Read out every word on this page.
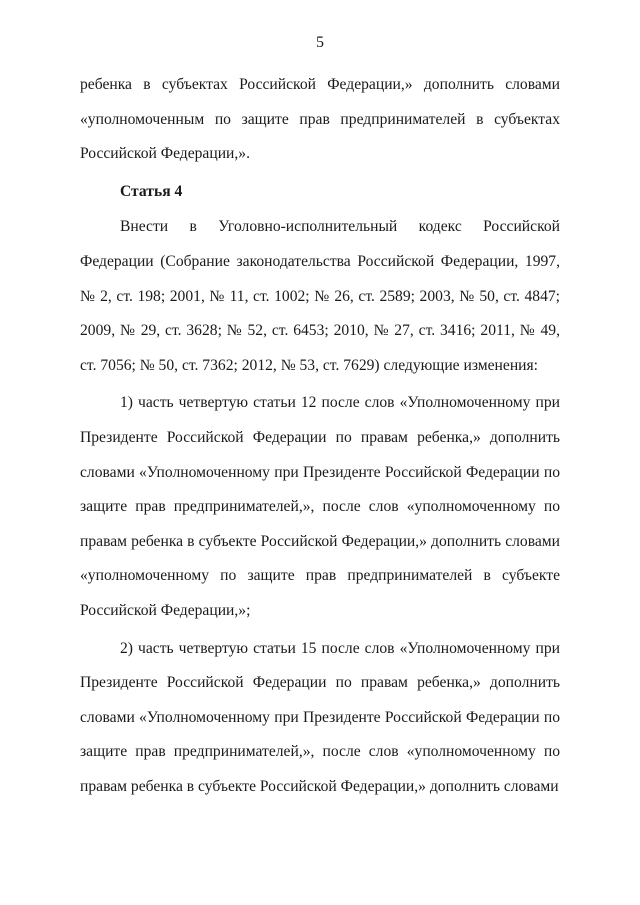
5

ребенка в субъектах Российской Федерации,» дополнить словами «уполномоченным по защите прав предпринимателей в субъектах Российской Федерации,».

Статья 4

Внести в Уголовно-исполнительный кодекс Российской Федерации (Собрание законодательства Российской Федерации, 1997, № 2, ст. 198; 2001, № 11, ст. 1002; № 26, ст. 2589; 2003, № 50, ст. 4847; 2009, № 29, ст. 3628; № 52, ст. 6453; 2010, № 27, ст. 3416; 2011, № 49, ст. 7056; № 50, ст. 7362; 2012, № 53, ст. 7629) следующие изменения:

1) часть четвертую статьи 12 после слов «Уполномоченному при Президенте Российской Федерации по правам ребенка,» дополнить словами «Уполномоченному при Президенте Российской Федерации по защите прав предпринимателей,», после слов «уполномоченному по правам ребенка в субъекте Российской Федерации,» дополнить словами «уполномоченному по защите прав предпринимателей в субъекте Российской Федерации,»;

2) часть четвертую статьи 15 после слов «Уполномоченному при Президенте Российской Федерации по правам ребенка,» дополнить словами «Уполномоченному при Президенте Российской Федерации по защите прав предпринимателей,», после слов «уполномоченному по правам ребенка в субъекте Российской Федерации,» дополнить словами
